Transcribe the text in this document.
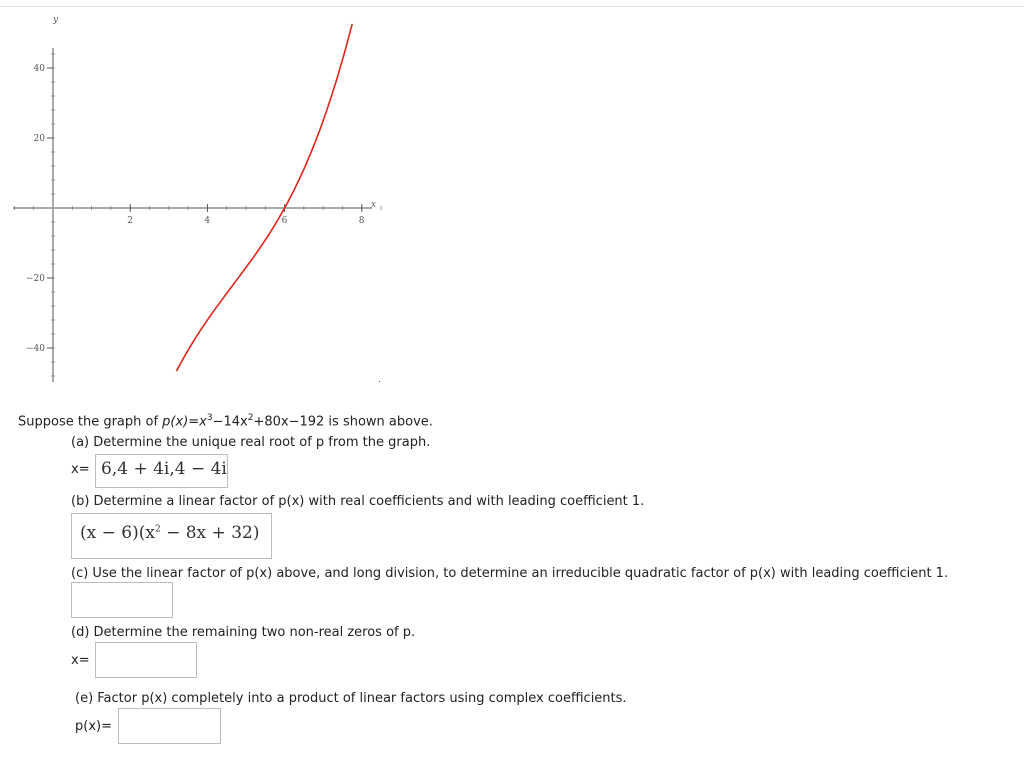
2	4	6	8
40
20
−20
−40
y
x
.
Suppose the graph of $p(x)=x^3-14x^2+80x-192$ is shown above.
(a) Determine the unique real root of p from the graph.
x= 6,4 + 4i,4 − 4i
(b) Determine a linear factor of p(x) with real coefficients and with leading coefficient 1.
$(x - 6)(x^2 - 8x + 32)$
(c) Use the linear factor of p(x) above, and long division, to determine an irreducible quadratic factor of p(x) with leading coefficient 1.
(d) Determine the remaining two non-real zeros of p.
x=
(e) Factor p(x) completely into a product of linear factors using complex coefficients.
p(x)=
